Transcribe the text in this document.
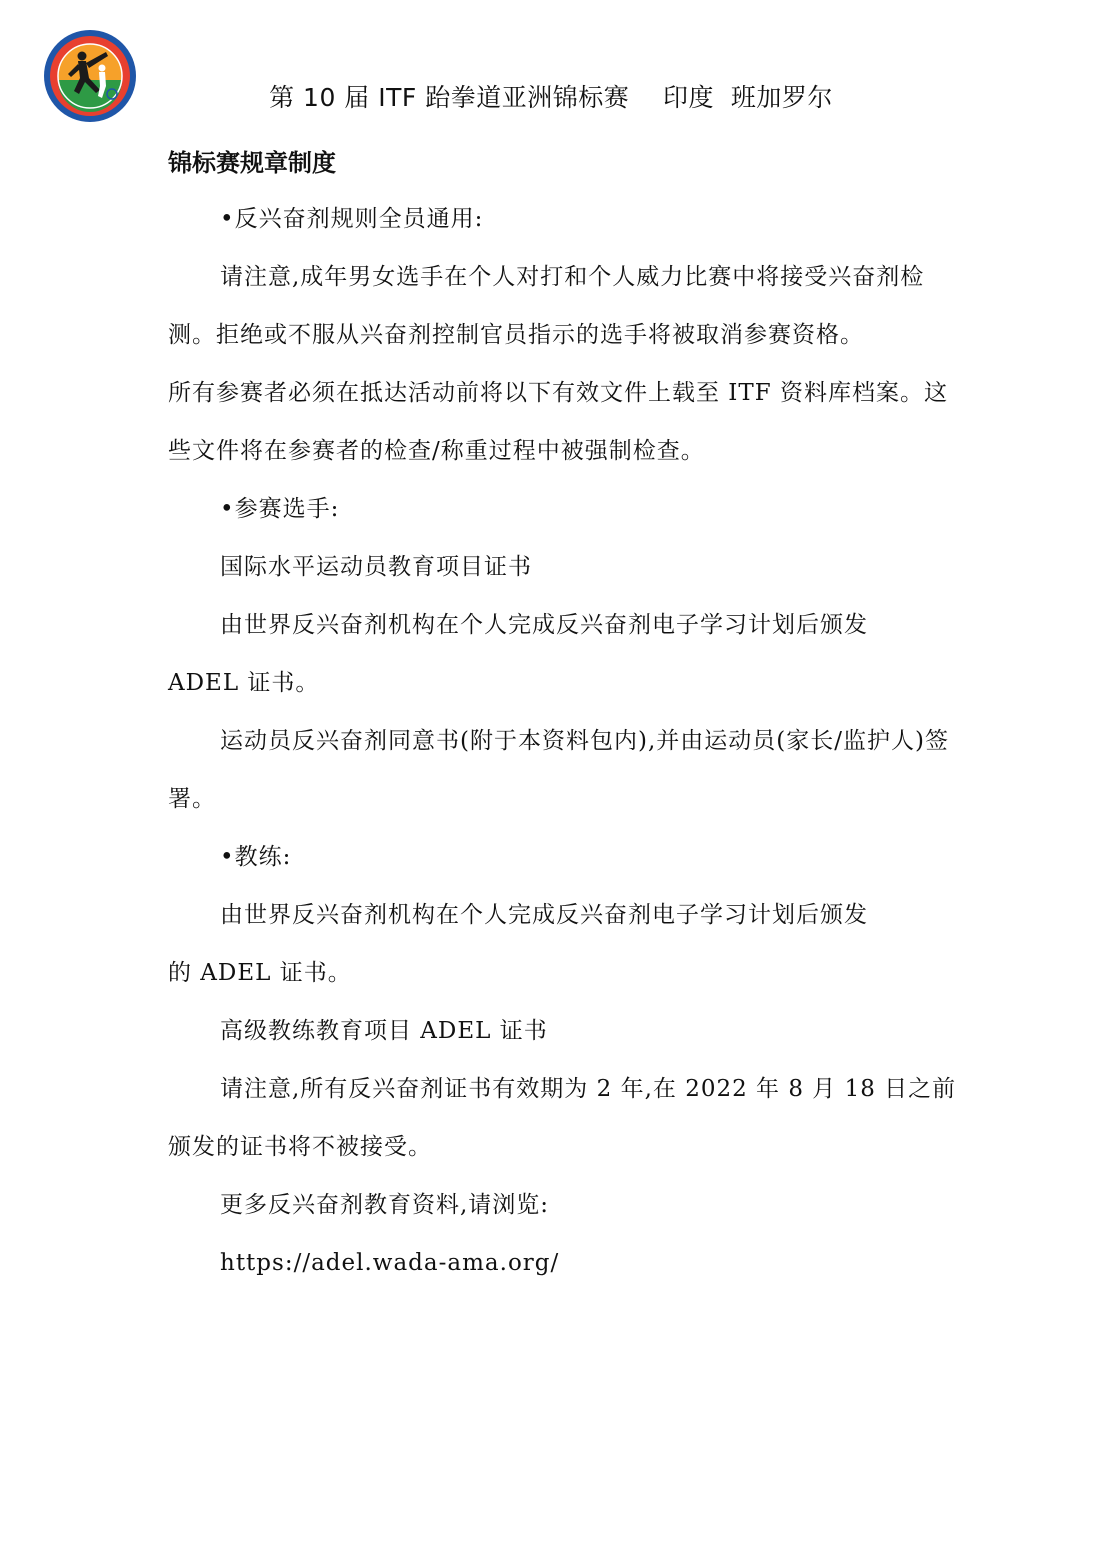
第 10 届 ITF 跆拳道亚洲锦标赛    印度  班加罗尔
锦标赛规章制度

•反兴奋剂规则全员通用:

请注意,成年男女选手在个人对打和个人威力比赛中将接受兴奋剂检测。拒绝或不服从兴奋剂控制官员指示的选手将被取消参赛资格。

所有参赛者必须在抵达活动前将以下有效文件上载至 ITF 资料库档案。这些文件将在参赛者的检查/称重过程中被强制检查。

•参赛选手:

国际水平运动员教育项目证书

由世界反兴奋剂机构在个人完成反兴奋剂电子学习计划后颁发

ADEL 证书。

运动员反兴奋剂同意书(附于本资料包内),并由运动员(家长/监护人)签署。

•教练:

由世界反兴奋剂机构在个人完成反兴奋剂电子学习计划后颁发

的 ADEL 证书。

高级教练教育项目 ADEL 证书

请注意,所有反兴奋剂证书有效期为 2 年,在 2022 年 8 月 18 日之前颁发的证书将不被接受。

更多反兴奋剂教育资料,请浏览:

https://adel.wada-ama.org/
